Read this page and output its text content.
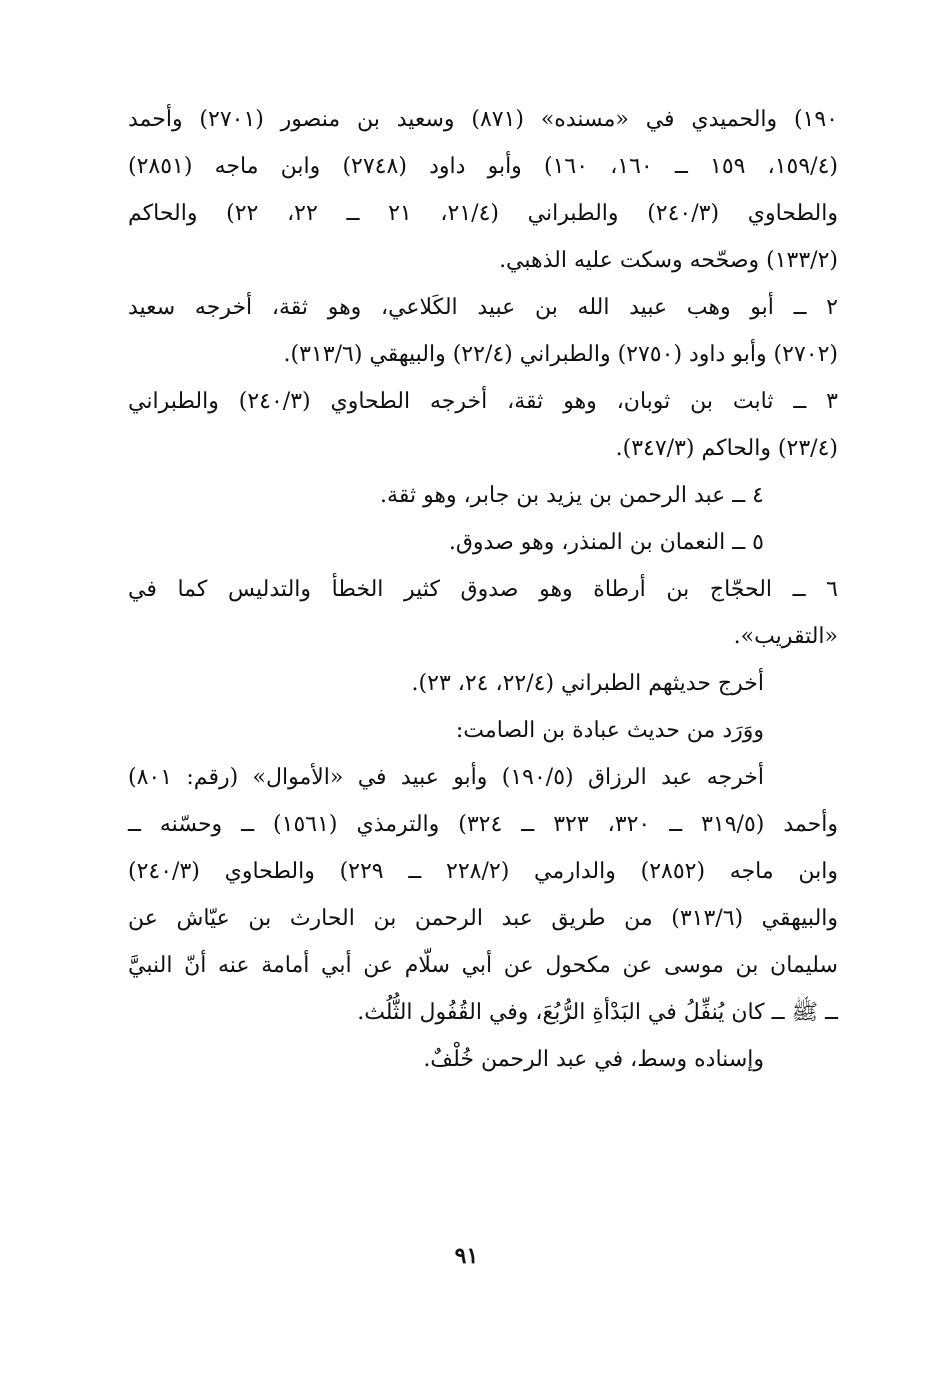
١٩٠) والحميدي في «مسنده» (٨٧١) وسعيد بن منصور (٢٧٠١) وأحمد
(١٥٩/٤، ١٥٩ ــ ١٦٠، ١٦٠) وأبو داود (٢٧٤٨) وابن ماجه (٢٨٥١)
والطحاوي (٢٤٠/٣) والطبراني (٢١/٤، ٢١ ــ ٢٢، ٢٢) والحاكم
(١٣٣/٢) وصحّحه وسكت عليه الذهبي.
٢ ــ أبو وهب عبيد الله بن عبيد الكَلاعي، وهو ثقة، أخرجه سعيد
(٢٧٠٢) وأبو داود (٢٧٥٠) والطبراني (٢٢/٤) والبيهقي (٣١٣/٦).
٣ ــ ثابت بن ثوبان، وهو ثقة، أخرجه الطحاوي (٢٤٠/٣) والطبراني
(٢٣/٤) والحاكم (٣٤٧/٣).
٤ ــ عبد الرحمن بن يزيد بن جابر، وهو ثقة.
٥ ــ النعمان بن المنذر، وهو صدوق.
٦ ــ الحجّاج بن أرطاة وهو صدوق كثير الخطأ والتدليس كما في
«التقريب».
أخرج حديثهم الطبراني (٢٢/٤، ٢٤، ٢٣).
ووَرَد من حديث عبادة بن الصامت:
أخرجه عبد الرزاق (١٩٠/٥) وأبو عبيد في «الأموال» (رقم: ٨٠١)
وأحمد (٣١٩/٥ ــ ٣٢٠، ٣٢٣ ــ ٣٢٤) والترمذي (١٥٦١) ــ وحسّنه ــ
وابن ماجه (٢٨٥٢) والدارمي (٢٢٨/٢ ــ ٢٢٩) والطحاوي (٢٤٠/٣)
والبيهقي (٣١٣/٦) من طريق عبد الرحمن بن الحارث بن عيّاش عن
سليمان بن موسى عن مكحول عن أبي سلّام عن أبي أمامة عنه أنّ النبيَّ
ــ ﷺ ــ كان يُنفِّلُ في البَدْأةِ الرُّبُعَ، وفي القُفُول الثُّلُث.
وإسناده وسط، في عبد الرحمن خُلْفٌ.
٩١
